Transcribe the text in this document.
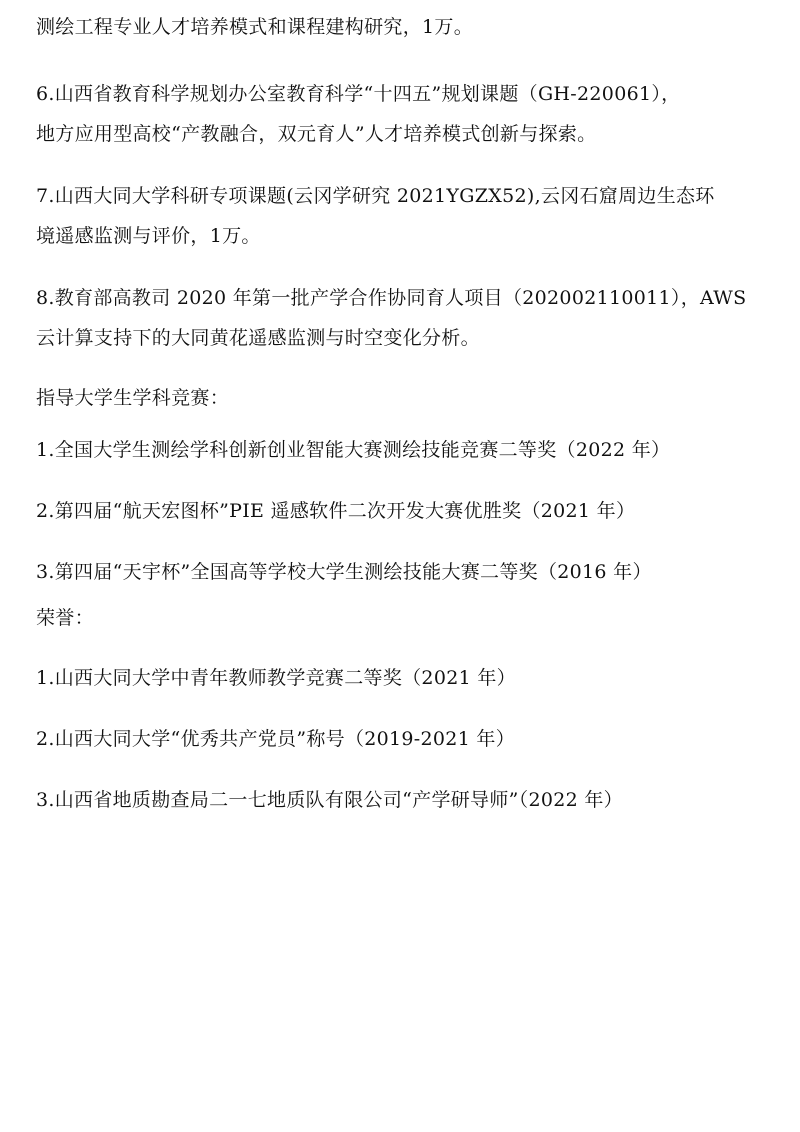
测绘工程专业人才培养模式和课程建构研究，1万。
6.山西省教育科学规划办公室教育科学“十四五”规划课题（GH-220061），
地方应用型高校“产教融合，双元育人”人才培养模式创新与探索。
7.山西大同大学科研专项课题(云冈学研究 2021YGZX52),云冈石窟周边生态环
境遥感监测与评价，1万。
8.教育部高教司 2020 年第一批产学合作协同育人项目（202002110011），AWS
云计算支持下的大同黄花遥感监测与时空变化分析。
指导大学生学科竞赛：
1.全国大学生测绘学科创新创业智能大赛测绘技能竞赛二等奖（2022 年）
2.第四届“航天宏图杯”PIE 遥感软件二次开发大赛优胜奖（2021 年）
3.第四届“天宇杯”全国高等学校大学生测绘技能大赛二等奖（2016 年）
荣誉：
1.山西大同大学中青年教师教学竞赛二等奖（2021 年）
2.山西大同大学“优秀共产党员”称号（2019-2021 年）
3.山西省地质勘查局二一七地质队有限公司“产学研导师”（2022 年）
